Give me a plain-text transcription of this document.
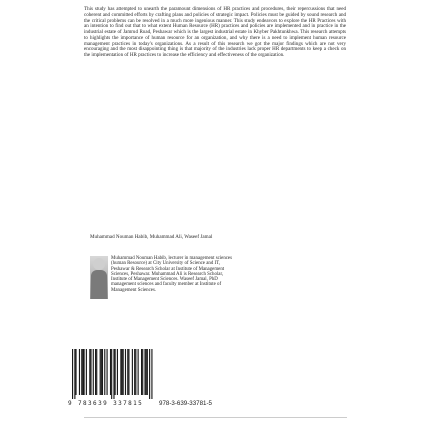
This study has attempted to unearth the paramount dimensions of HR practices and procedures, their repercussions that need coherent and committed efforts by crafting plans and policies of strategic impact. Policies must be guided by sound research and the critical problems can be resolved in a much more ingenious manner. This study endeavors to explore the HR Practices with an intention to find out that to what extent Human Resource (HR) practices and policies are implemented and in practice in the industrial estate of Jamrud Road, Peshawar which is the largest industrial estate in Khyber Pakhtunkhwa. This research attempts to highlights the importance of human resource for an organization, and why there is a need to implement human resource management practices in today's organizations. As a result of this research we got the major findings which are not very encouraging and the most disappointing thing is that majority of the industries lack proper HR departments to keep a check on the implementation of HR practices to increase the efficiency and effectiveness of the organization.

Muhammad Nouman Habib, Muhammad Ali, Waseef Jamal

Muhammad Nouman Habib, lecturer in management sciences (human Resource) at City University of Science and IT, Peshawar & Research Scholar at Institute of Management Sciences, Peshawar. Muhammad Ali is Research Scholar, Institute of Management Sciences. Waseef Jamal, PhD management sciences and faculty member at Institute of Management Sciences.

9 783639 337815	978-3-639-33781-5
